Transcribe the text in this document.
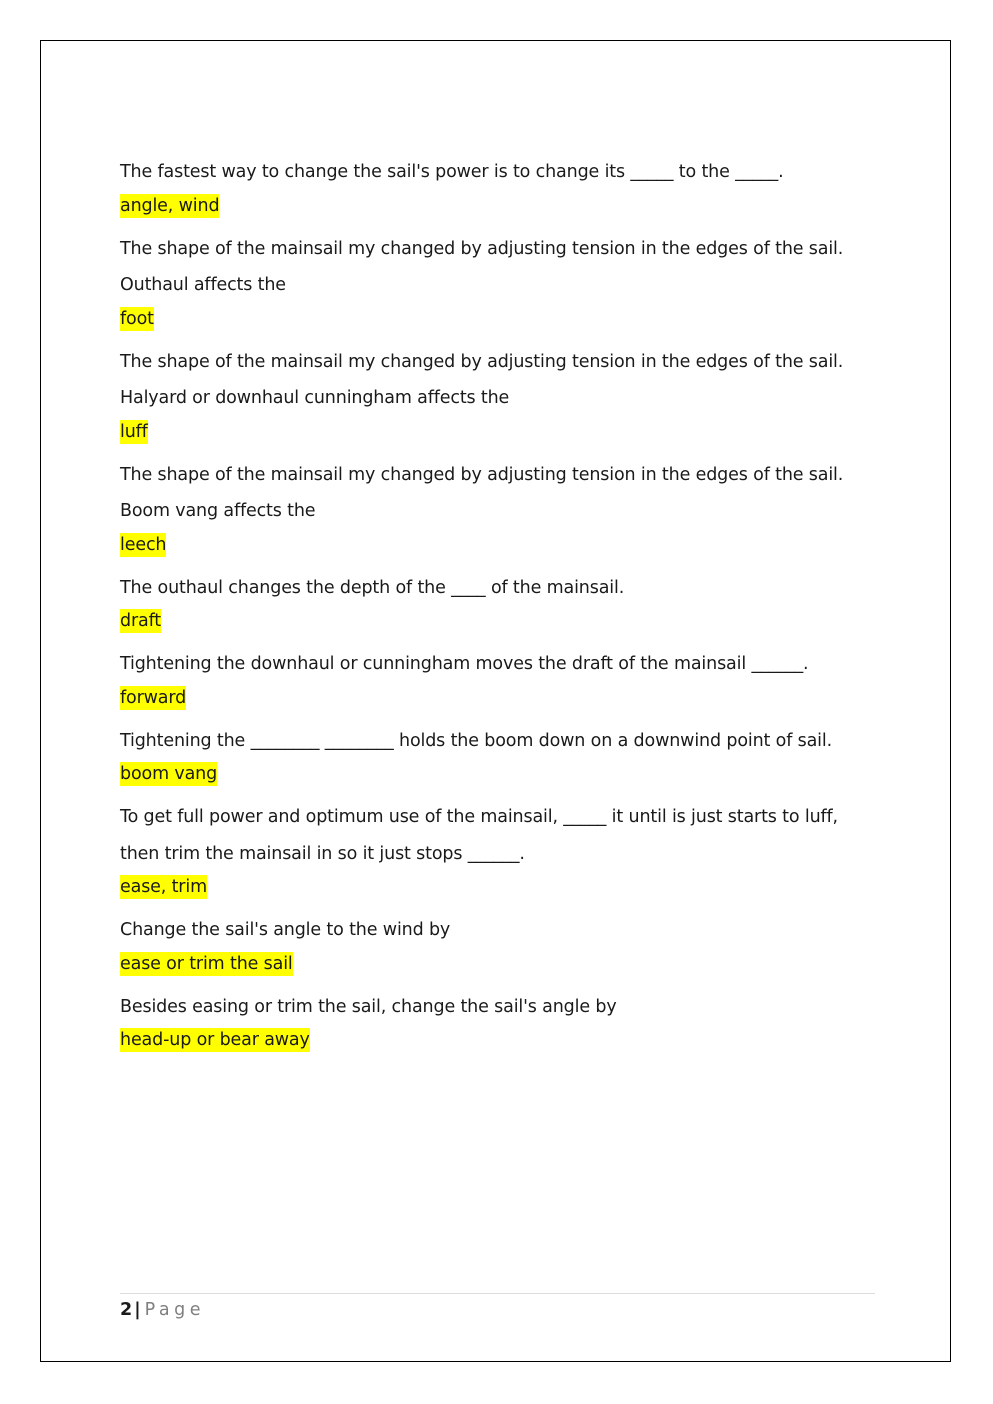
The fastest way to change the sail's power is to change its _____ to the _____.

angle, wind

The shape of the mainsail my changed by adjusting tension in the edges of the sail. Outhaul affects the

foot

The shape of the mainsail my changed by adjusting tension in the edges of the sail. Halyard or downhaul cunningham affects the

luff

The shape of the mainsail my changed by adjusting tension in the edges of the sail. Boom vang affects the

leech

The outhaul changes the depth of the ____ of the mainsail.

draft

Tightening the downhaul or cunningham moves the draft of the mainsail ______.

forward

Tightening the ________ ________ holds the boom down on a downwind point of sail.

boom vang

To get full power and optimum use of the mainsail, _____ it until is just starts to luff, then trim the mainsail in so it just stops ______.

ease, trim

Change the sail's angle to the wind by

ease or trim the sail

Besides easing or trim the sail, change the sail's angle by

head-up or bear away
2 | Page
